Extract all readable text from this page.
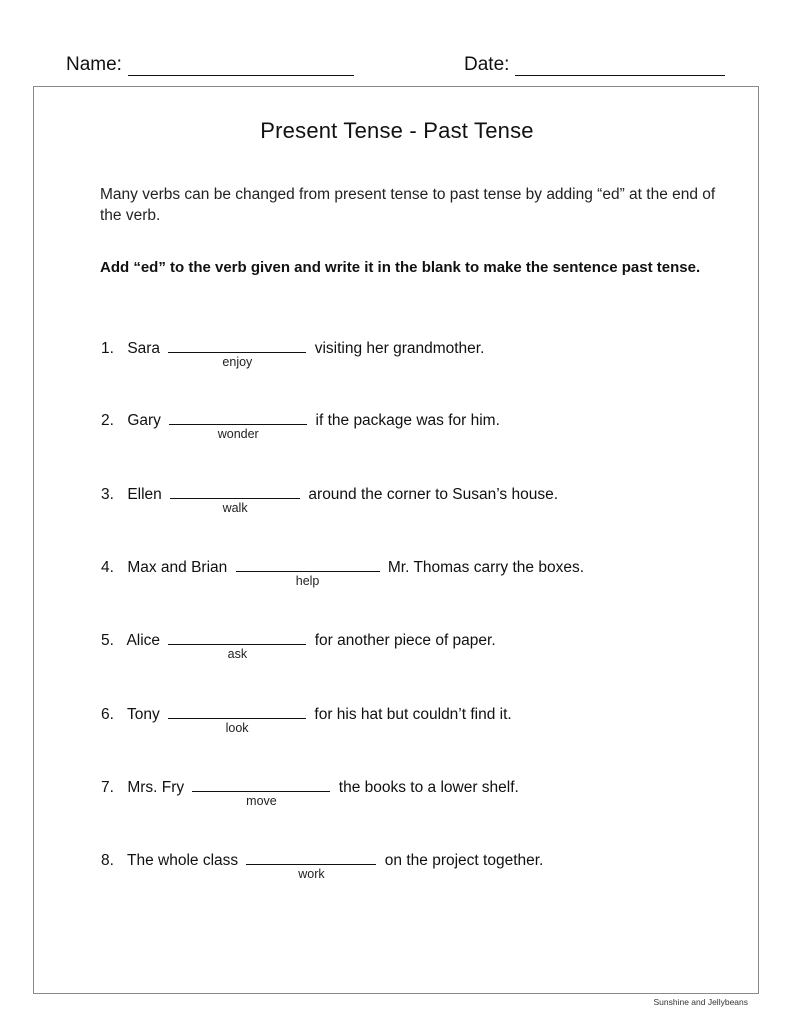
Name:	Date:
Present Tense - Past Tense
Many verbs can be changed from present tense to past tense by adding “ed” at the end of the verb.
Add “ed” to the verb given and write it in the blank to make the sentence past tense.
1. Sara
enjoy
visiting her grandmother.
2. Gary
wonder
if the package was for him.
3. Ellen
walk
around the corner to Susan’s house.
4. Max and Brian
help
Mr. Thomas carry the boxes.
5. Alice
ask
for another piece of paper.
6. Tony
look
for his hat but couldn’t find it.
7. Mrs. Fry
move
the books to a lower shelf.
8. The whole class
work
on the project together.
Sunshine and Jellybeans
